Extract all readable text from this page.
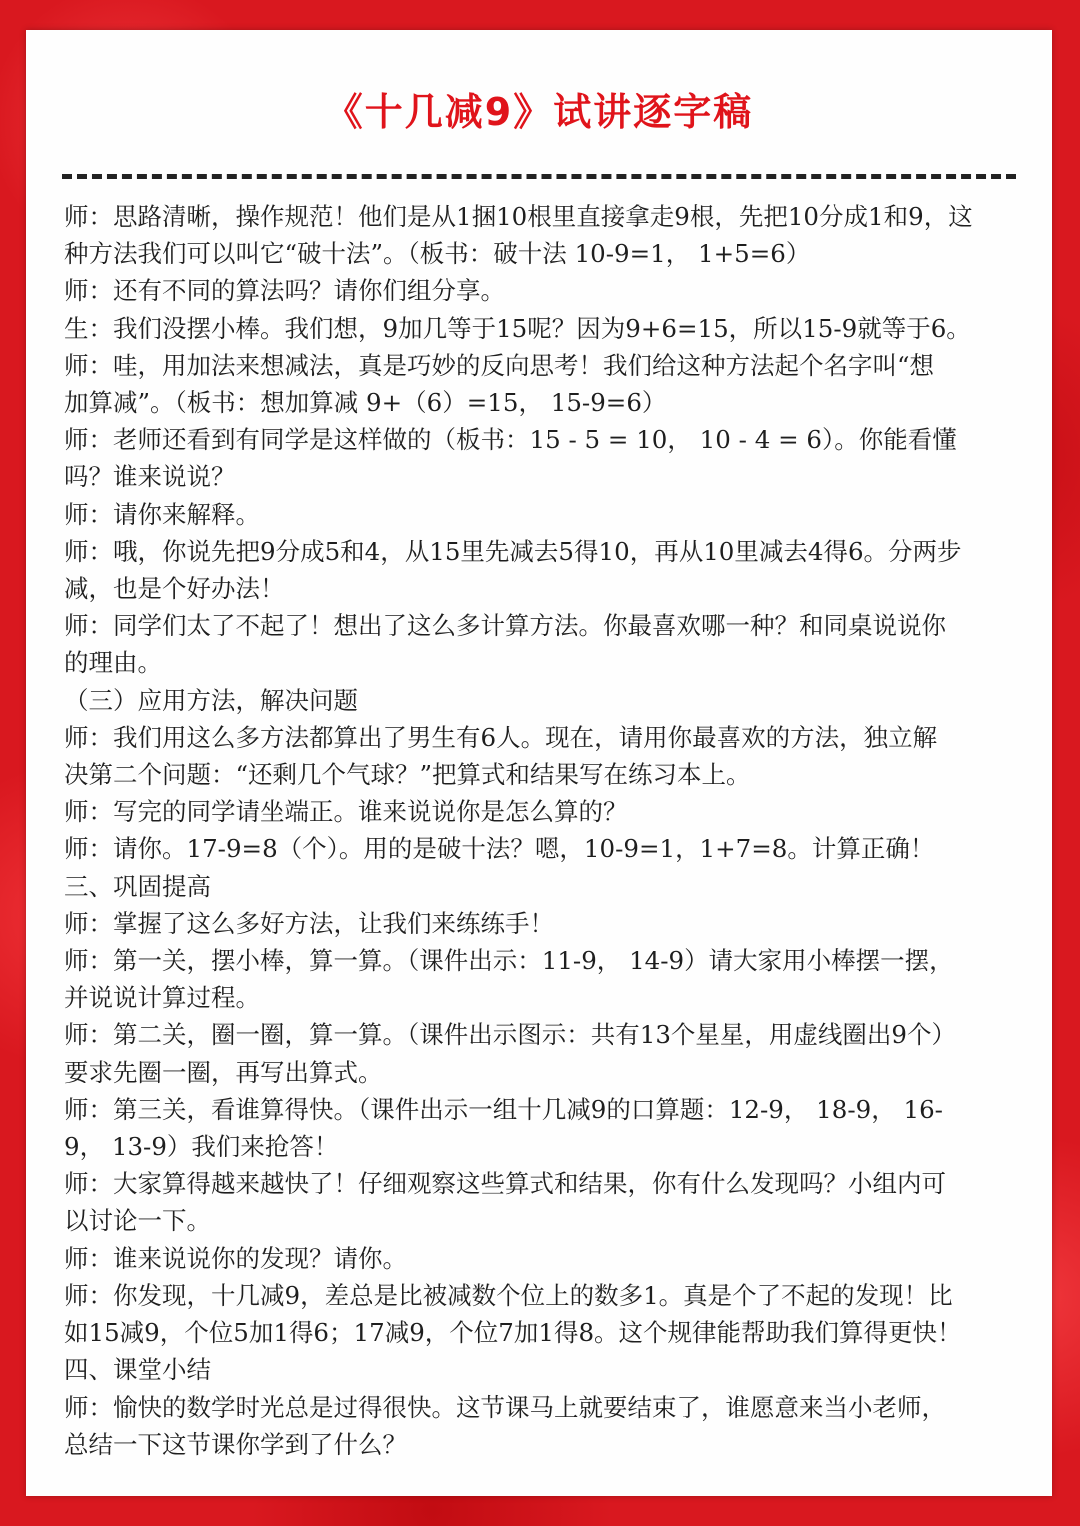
《十几减9》试讲逐字稿
师：思路清晰，操作规范！他们是从1捆10根里直接拿走9根，先把10分成1和9，这
种方法我们可以叫它“破十法”。（板书：破十法 10-9=1， 1+5=6）
师：还有不同的算法吗？请你们组分享。
生：我们没摆小棒。我们想，9加几等于15呢？因为9+6=15，所以15-9就等于6。
师：哇，用加法来想减法，真是巧妙的反向思考！我们给这种方法起个名字叫“想
加算减”。（板书：想加算减 9+（6）=15， 15-9=6）
师：老师还看到有同学是这样做的（板书：15 - 5 = 10， 10 - 4 = 6）。你能看懂
吗？谁来说说？
师：请你来解释。
师：哦，你说先把9分成5和4，从15里先减去5得10，再从10里减去4得6。分两步
减，也是个好办法！
师：同学们太了不起了！想出了这么多计算方法。你最喜欢哪一种？和同桌说说你
的理由。
（三）应用方法，解决问题
师：我们用这么多方法都算出了男生有6人。现在，请用你最喜欢的方法，独立解
决第二个问题：“还剩几个气球？”把算式和结果写在练习本上。
师：写完的同学请坐端正。谁来说说你是怎么算的？
师：请你。17-9=8（个）。用的是破十法？嗯，10-9=1，1+7=8。计算正确！
三、巩固提高
师：掌握了这么多好方法，让我们来练练手！
师：第一关，摆小棒，算一算。（课件出示：11-9， 14-9）请大家用小棒摆一摆，
并说说计算过程。
师：第二关，圈一圈，算一算。（课件出示图示：共有13个星星，用虚线圈出9个）
要求先圈一圈，再写出算式。
师：第三关，看谁算得快。（课件出示一组十几减9的口算题：12-9， 18-9， 16-
9， 13-9）我们来抢答！
师：大家算得越来越快了！仔细观察这些算式和结果，你有什么发现吗？小组内可
以讨论一下。
师：谁来说说你的发现？请你。
师：你发现，十几减9，差总是比被减数个位上的数多1。真是个了不起的发现！比
如15减9，个位5加1得6；17减9，个位7加1得8。这个规律能帮助我们算得更快！
四、课堂小结
师：愉快的数学时光总是过得很快。这节课马上就要结束了，谁愿意来当小老师，
总结一下这节课你学到了什么？
